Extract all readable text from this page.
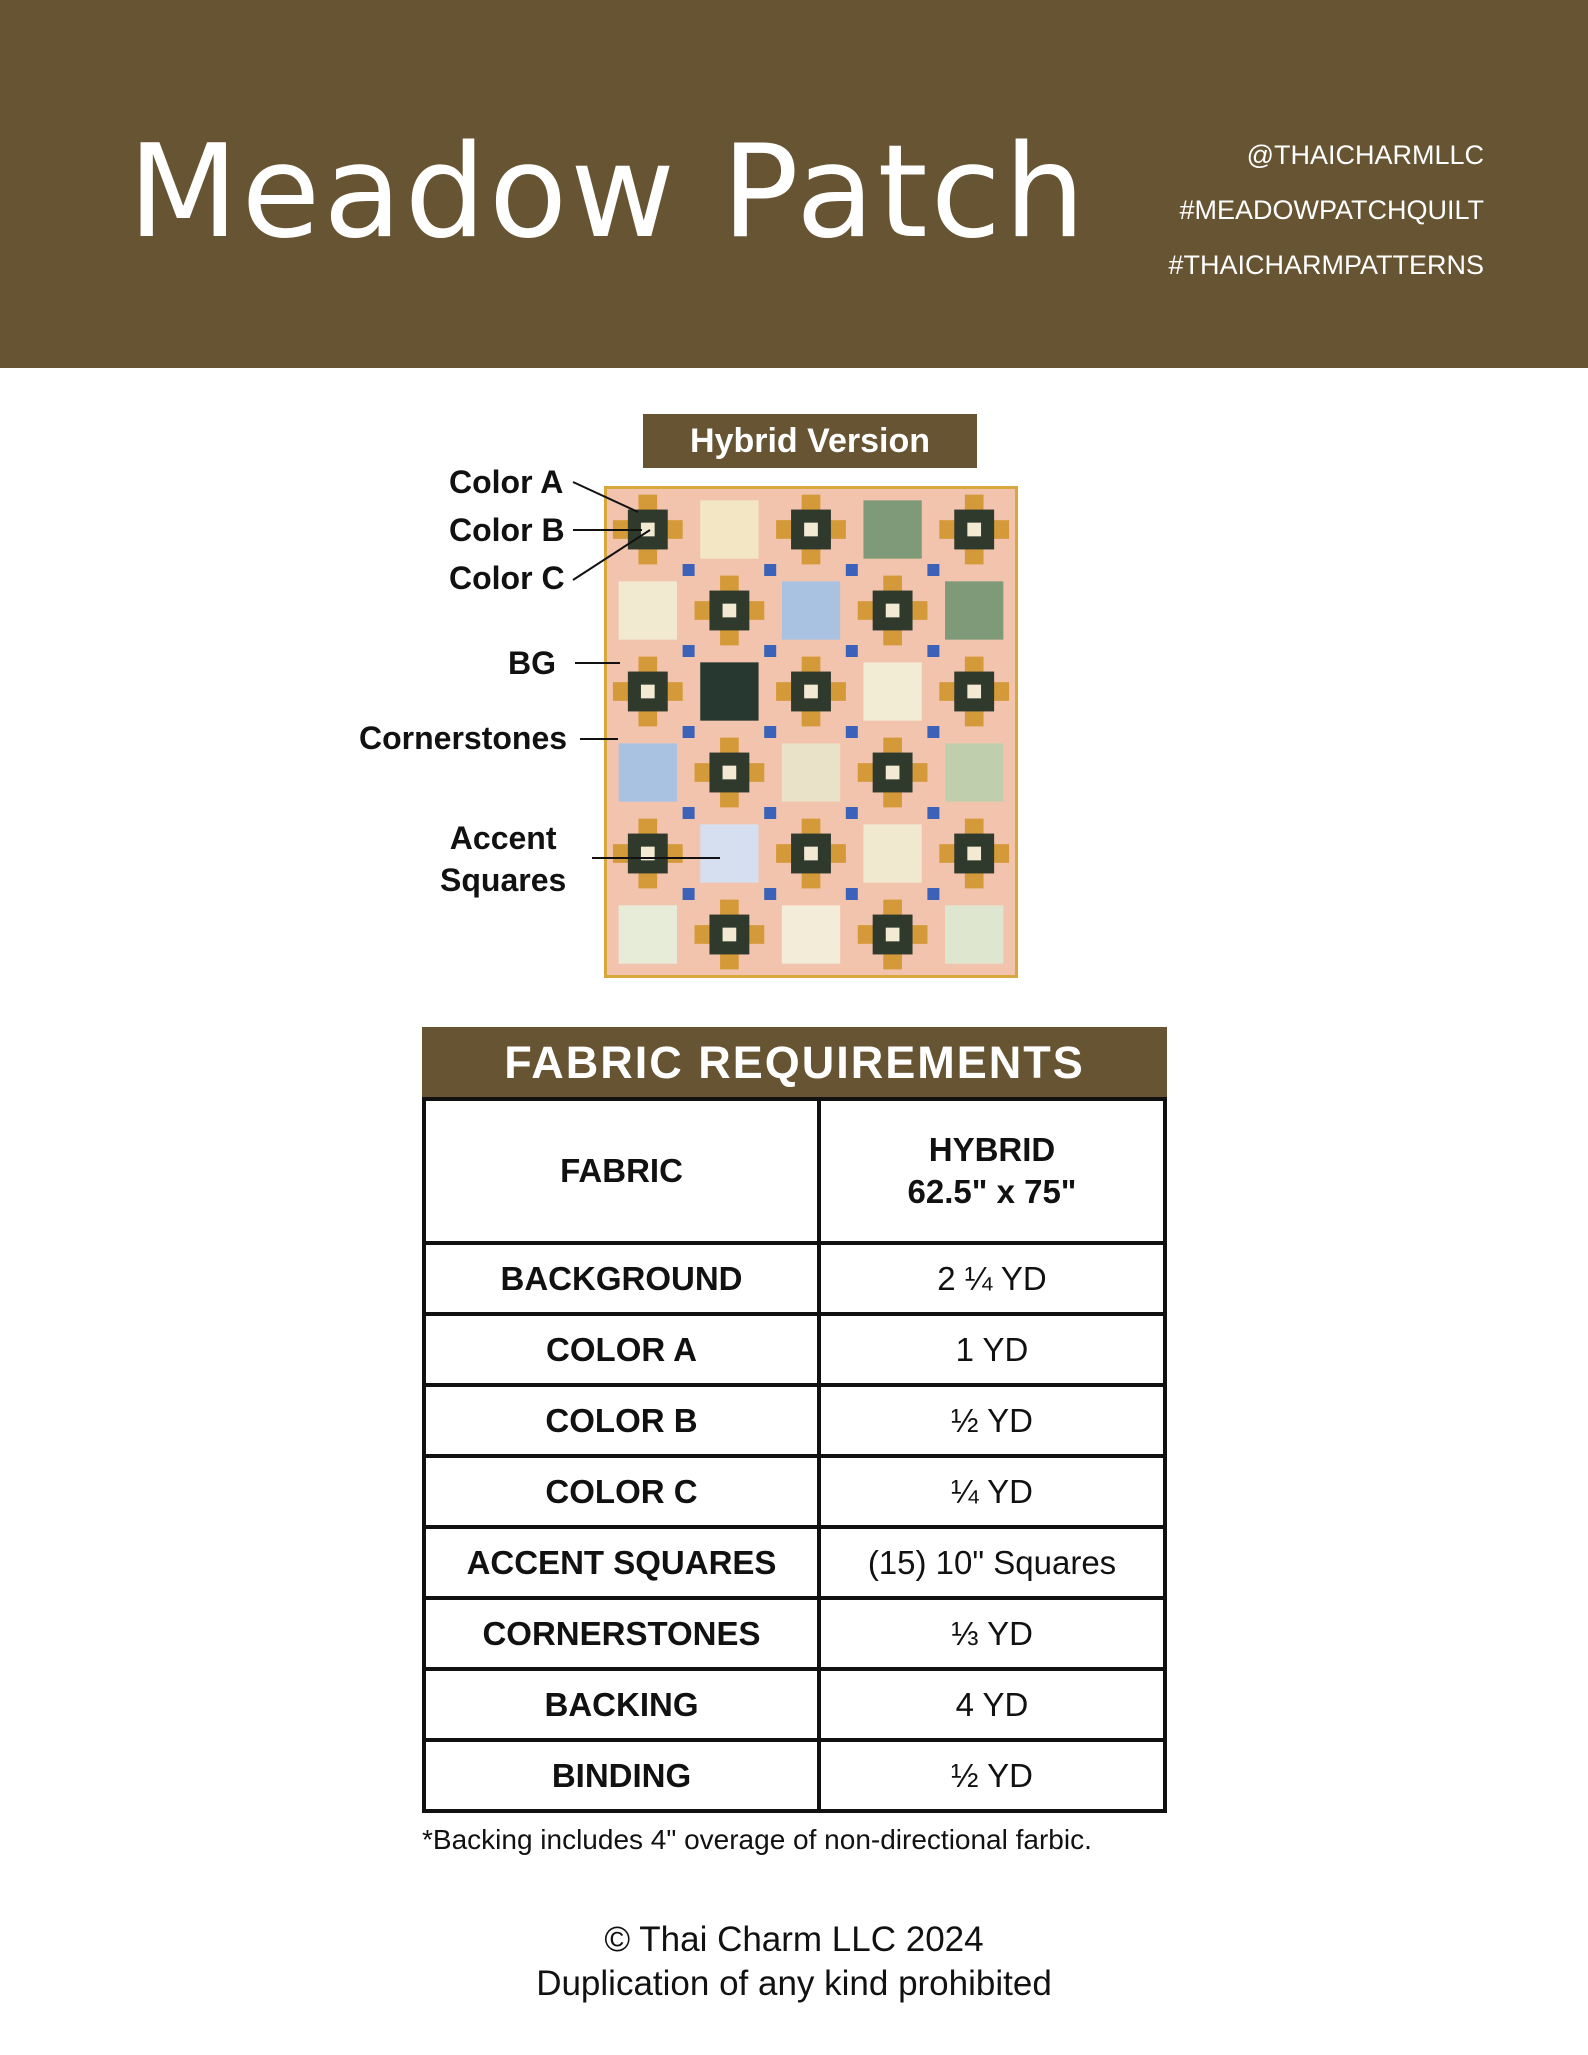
Meadow Patch	@THAICHARMLLC
#MEADOWPATCHQUILT
#THAICHARMPATTERNS
Hybrid Version
Color A
Color B
Color C
BG
Cornerstones
Accent
Squares
FABRIC REQUIREMENTS
FABRIC	HYBRID
62.5" x 75"

BACKGROUND	2 ¼ YD
COLOR A	1 YD
COLOR B	½ YD
COLOR C	¼ YD
ACCENT SQUARES	(15) 10" Squares
CORNERSTONES	⅓ YD
BACKING	4 YD
BINDING	½ YD
*Backing includes 4" overage of non-directional farbic.
© Thai Charm LLC 2024
Duplication of any kind prohibited
